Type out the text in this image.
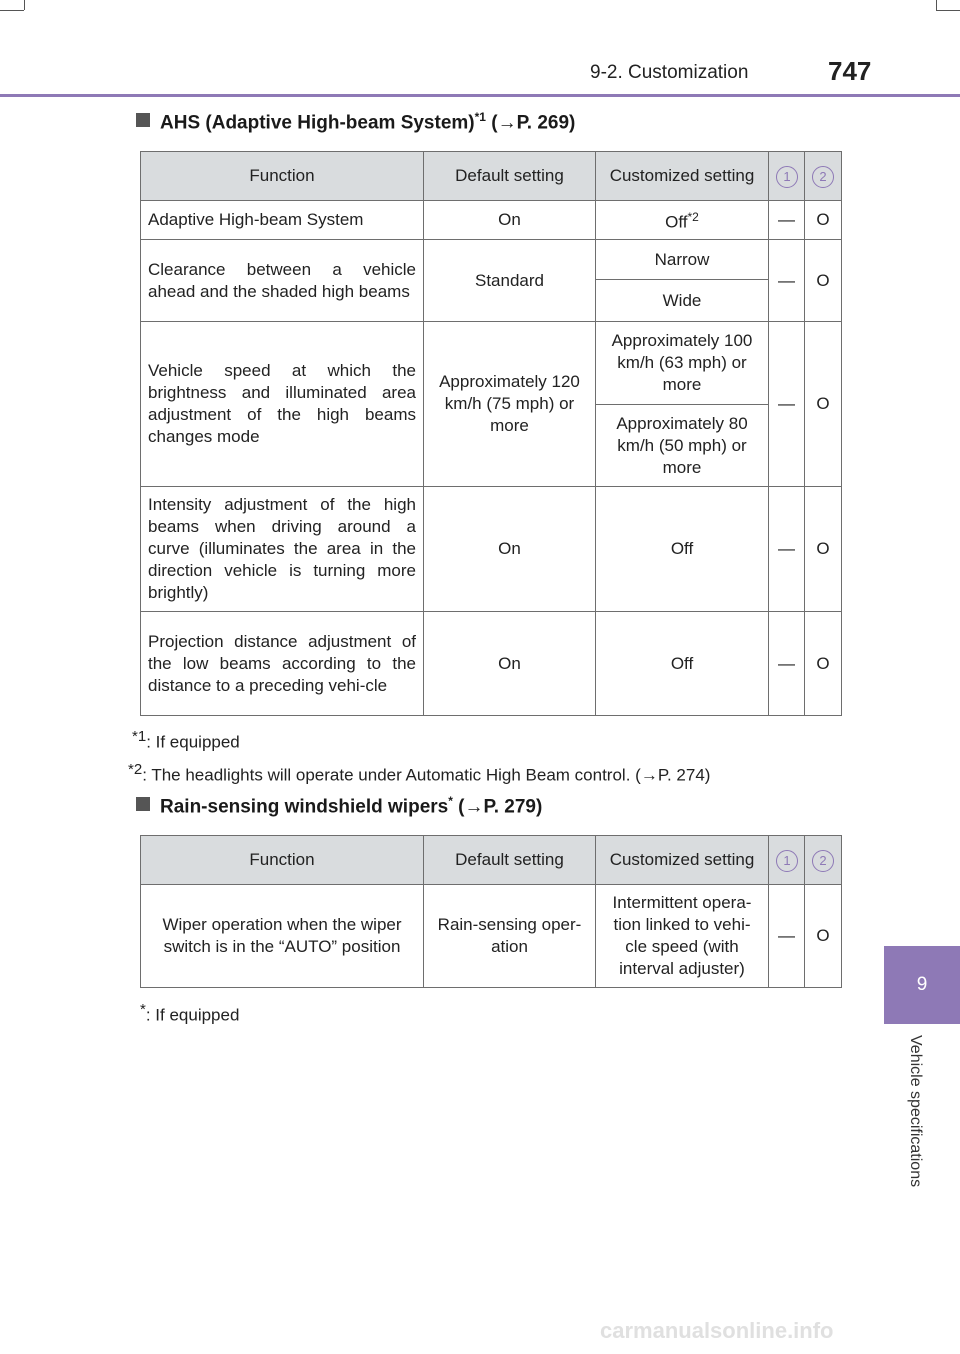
9-2. Customization	747
9
Vehicle specifications
AHS (Adaptive High-beam System)$^{*1}$ (→P. 269)
Function	Default setting	Customized setting	1	2
Adaptive High-beam System	On	Off$^{*2}$	—	O
Clearance between a vehicle ahead and the shaded high beams	Standard	Narrow	—	O
		Wide		
Vehicle speed at which the brightness and illuminated area adjustment of the high beams changes mode	Approximately 120 km/h (75 mph) or more	Approximately 100 km/h (63 mph) or more	—	O
		Approximately 80 km/h (50 mph) or more		
Intensity adjustment of the high beams when driving around a curve (illuminates the area in the direction vehicle is turning more brightly)	On	Off	—	O
Projection distance adjustment of the low beams according to the distance to a preceding vehi-cle	On	Off	—	O
$^{*1}$: If equipped
$^{*2}$: The headlights will operate under Automatic High Beam control. (→P. 274)
Rain-sensing windshield wipers* (→P. 279)
Function	Default setting	Customized setting	1	2
Wiper operation when the wiper switch is in the “AUTO” position	Rain-sensing oper-ation	Intermittent opera-tion linked to vehi-cle speed (with interval adjuster)	—	O
*: If equipped
carmanualsonline.info
